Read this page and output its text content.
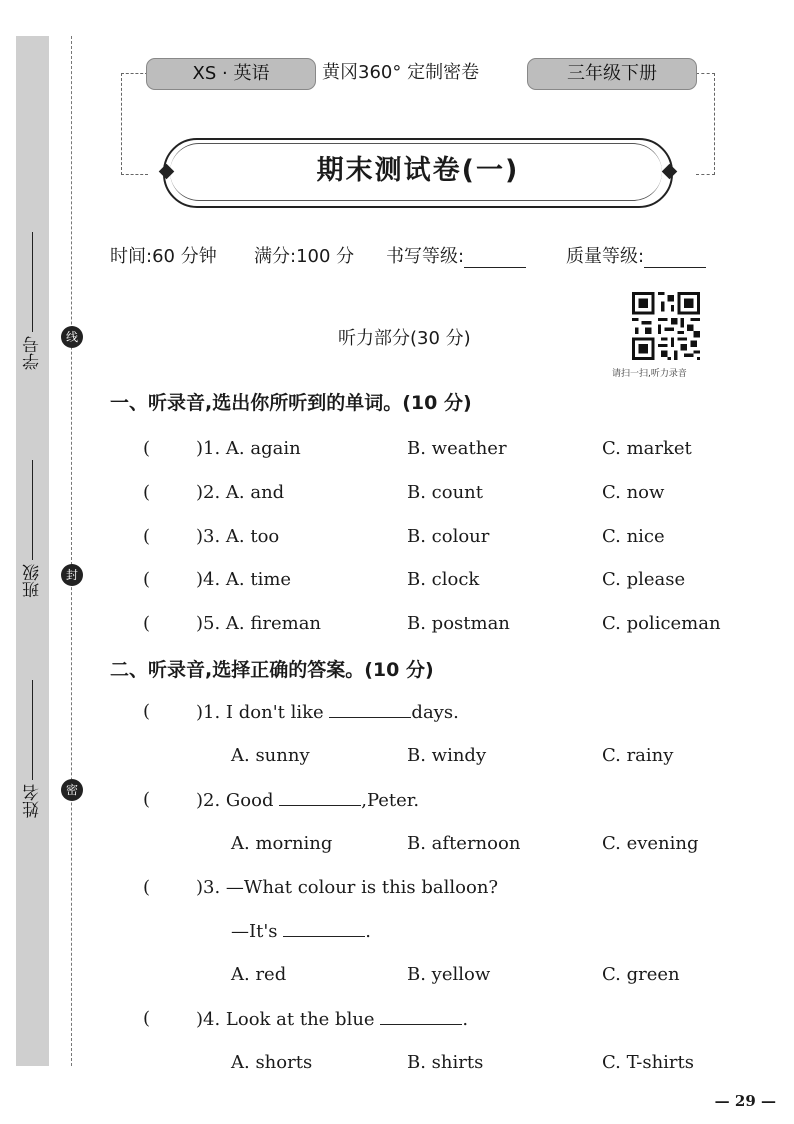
学号
班级
姓名
线
封
密
XS · 英语	黄冈360° 定制密卷	三年级下册
期末测试卷(一)
时间:60 分钟 满分:100 分 书写等级:	质量等级:
听力部分(30 分)
请扫一扫,听力录音
一、听录音,选出你所听到的单词。(10 分)
(	)1. A. again	B. weather	C. market
(	)2. A. and	B. count	C. now
(	)3. A. too	B. colour	C. nice
(	)4. A. time	B. clock	C. please
(	)5. A. fireman	B. postman	C. policeman
二、听录音,选择正确的答案。(10 分)
(	)1. I don't like	days.
A. sunny	B. windy	C. rainy
(	)2. Good	,Peter.
A. morning	B. afternoon	C. evening
(	)3. —What colour is this balloon?
—It's	.
A. red	B. yellow	C. green
(	)4. Look at the blue	.
A. shorts	B. shirts	C. T-shirts
— 29 —
